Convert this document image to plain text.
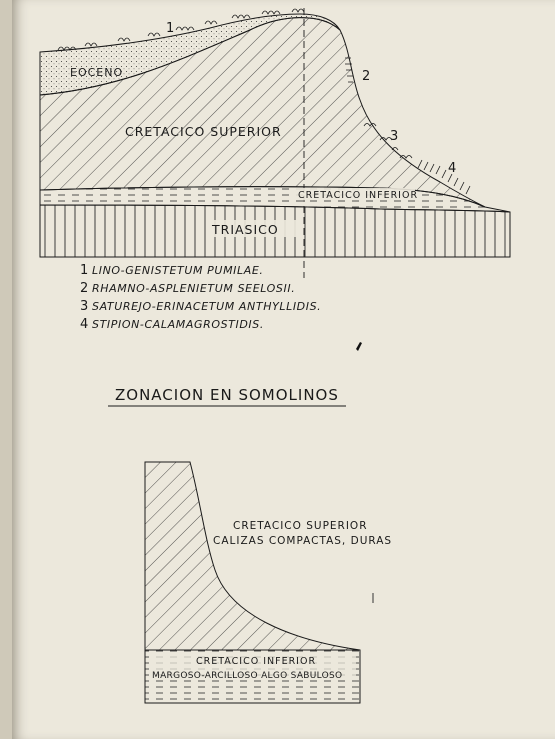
1
2
3
4
EOCENO
CRETACICO SUPERIOR
CRETACICO INFERIOR
TRIASICO
1 LINO-GENISTETUM PUMILAE.
2 RHAMNO-ASPLENIETUM SEELOSII.
3 SATUREJO-ERINACETUM ANTHYLLIDIS.
4 STIPION-CALAMAGROSTIDIS.
ZONACION EN SOMOLINOS
CRETACICO SUPERIOR
CALIZAS COMPACTAS, DURAS
CRETACICO INFERIOR
MARGOSO-ARCILLOSO ALGO SABULOSO
